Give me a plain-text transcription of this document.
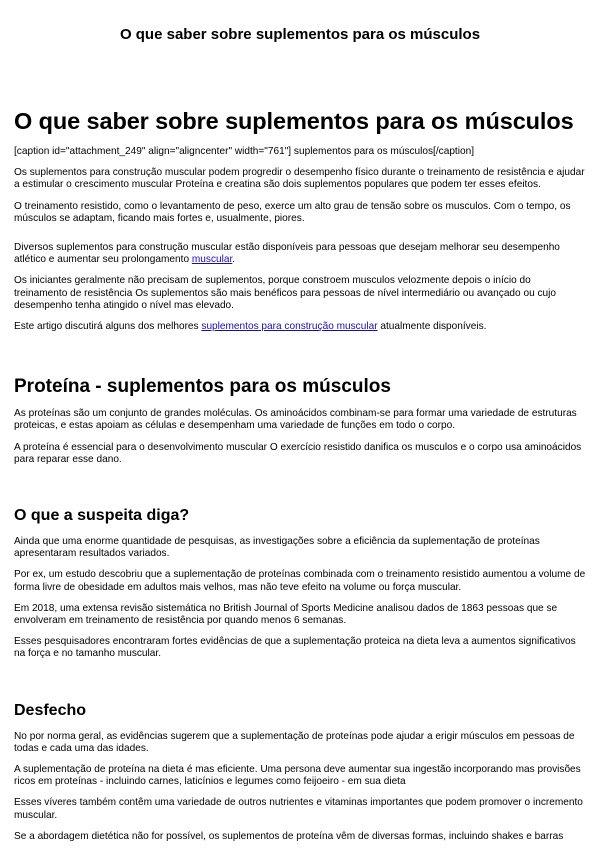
O que saber sobre suplementos para os músculos
O que saber sobre suplementos para os músculos

[caption id="attachment_249" align="aligncenter" width="761"] suplementos para os músculos[/caption]

Os suplementos para construção muscular podem progredir o desempenho físico durante o treinamento de resistência e ajudar a estimular o crescimento muscular Proteína e creatina são dois suplementos populares que podem ter esses efeitos.

O treinamento resistido, como o levantamento de peso, exerce um alto grau de tensão sobre os musculos. Com o tempo, os músculos se adaptam, ficando mais fortes e, usualmente, piores.

Diversos suplementos para construção muscular estão disponíveis para pessoas que desejam melhorar seu desempenho atlético e aumentar seu prolongamento muscular.

Os iniciantes geralmente não precisam de suplementos, porque constroem musculos velozmente depois o início do treinamento de resistência Os suplementos são mais benéficos para pessoas de nível intermediário ou avançado ou cujo desempenho tenha atingido o nível mas elevado.

Este artigo discutirá alguns dos melhores suplementos para construção muscular atualmente disponíveis.

Proteína - suplementos para os músculos

As proteínas são um conjunto de grandes moléculas. Os aminoácidos combinam-se para formar uma variedade de estruturas proteicas, e estas apoiam as células e desempenham uma variedade de funções em todo o corpo.

A proteína é essencial para o desenvolvimento muscular O exercício resistido danifica os musculos e o corpo usa aminoácidos para reparar esse dano.

O que a suspeita diga?

Ainda que uma enorme quantidade de pesquisas, as investigações sobre a eficiência da suplementação de proteínas apresentaram resultados variados.

Por ex, um estudo descobriu que a suplementação de proteínas combinada com o treinamento resistido aumentou a volume de forma livre de obesidade em adultos mais velhos, mas não teve efeito na volume ou força muscular.

Em 2018, uma extensa revisão sistemática no British Journal of Sports Medicine analisou dados de 1863 pessoas que se envolveram em treinamento de resistência por quando menos 6 semanas.

Esses pesquisadores encontraram fortes evidências de que a suplementação proteica na dieta leva a aumentos significativos na força e no tamanho muscular.

Desfecho

No por norma geral, as evidências sugerem que a suplementação de proteínas pode ajudar a erigir músculos em pessoas de todas e cada uma das idades.

A suplementação de proteína na dieta é mas eficiente. Uma persona deve aumentar sua ingestão incorporando mas provisões ricos em proteínas - incluindo carnes, laticínios e legumes como feijoeiro - em sua dieta

Esses víveres também contêm uma variedade de outros nutrientes e vitaminas importantes que podem promover o incremento muscular.

Se a abordagem dietética não for possível, os suplementos de proteína vêm de diversas formas, incluindo shakes e barras
